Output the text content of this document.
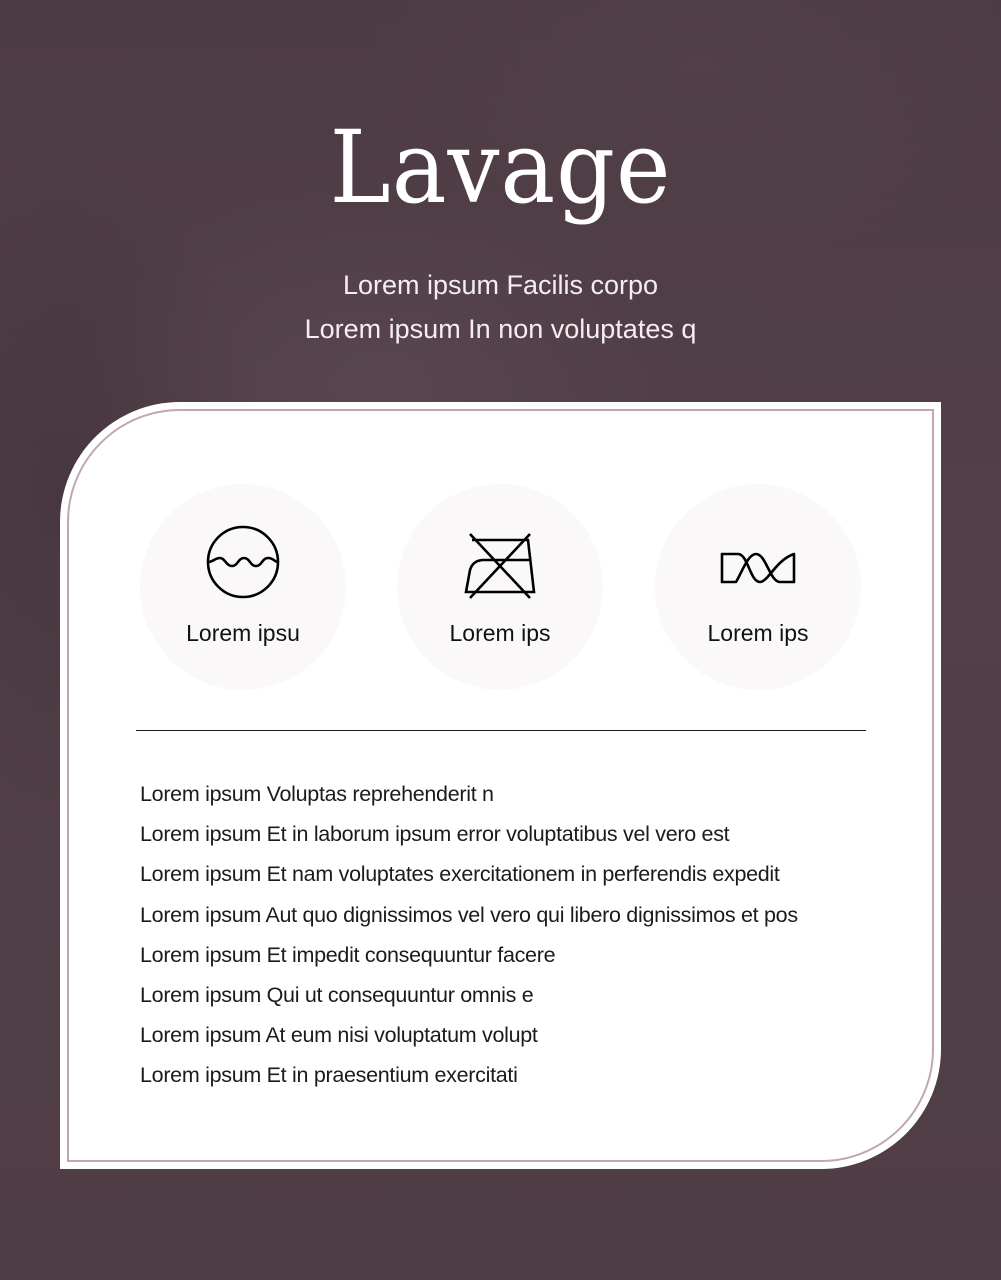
Lavage
Lorem ipsum Facilis corpo
Lorem ipsum In non voluptates q
Lorem ipsu	Lorem ips	Lorem ips
Lorem ipsum Voluptas reprehenderit n
Lorem ipsum Et in laborum ipsum error voluptatibus vel vero est
Lorem ipsum Et nam voluptates exercitationem in perferendis expedit
Lorem ipsum Aut quo dignissimos vel vero qui libero dignissimos et pos
Lorem ipsum Et impedit consequuntur facere
Lorem ipsum Qui ut consequuntur omnis e
Lorem ipsum At eum nisi voluptatum volupt
Lorem ipsum Et in praesentium exercitati
